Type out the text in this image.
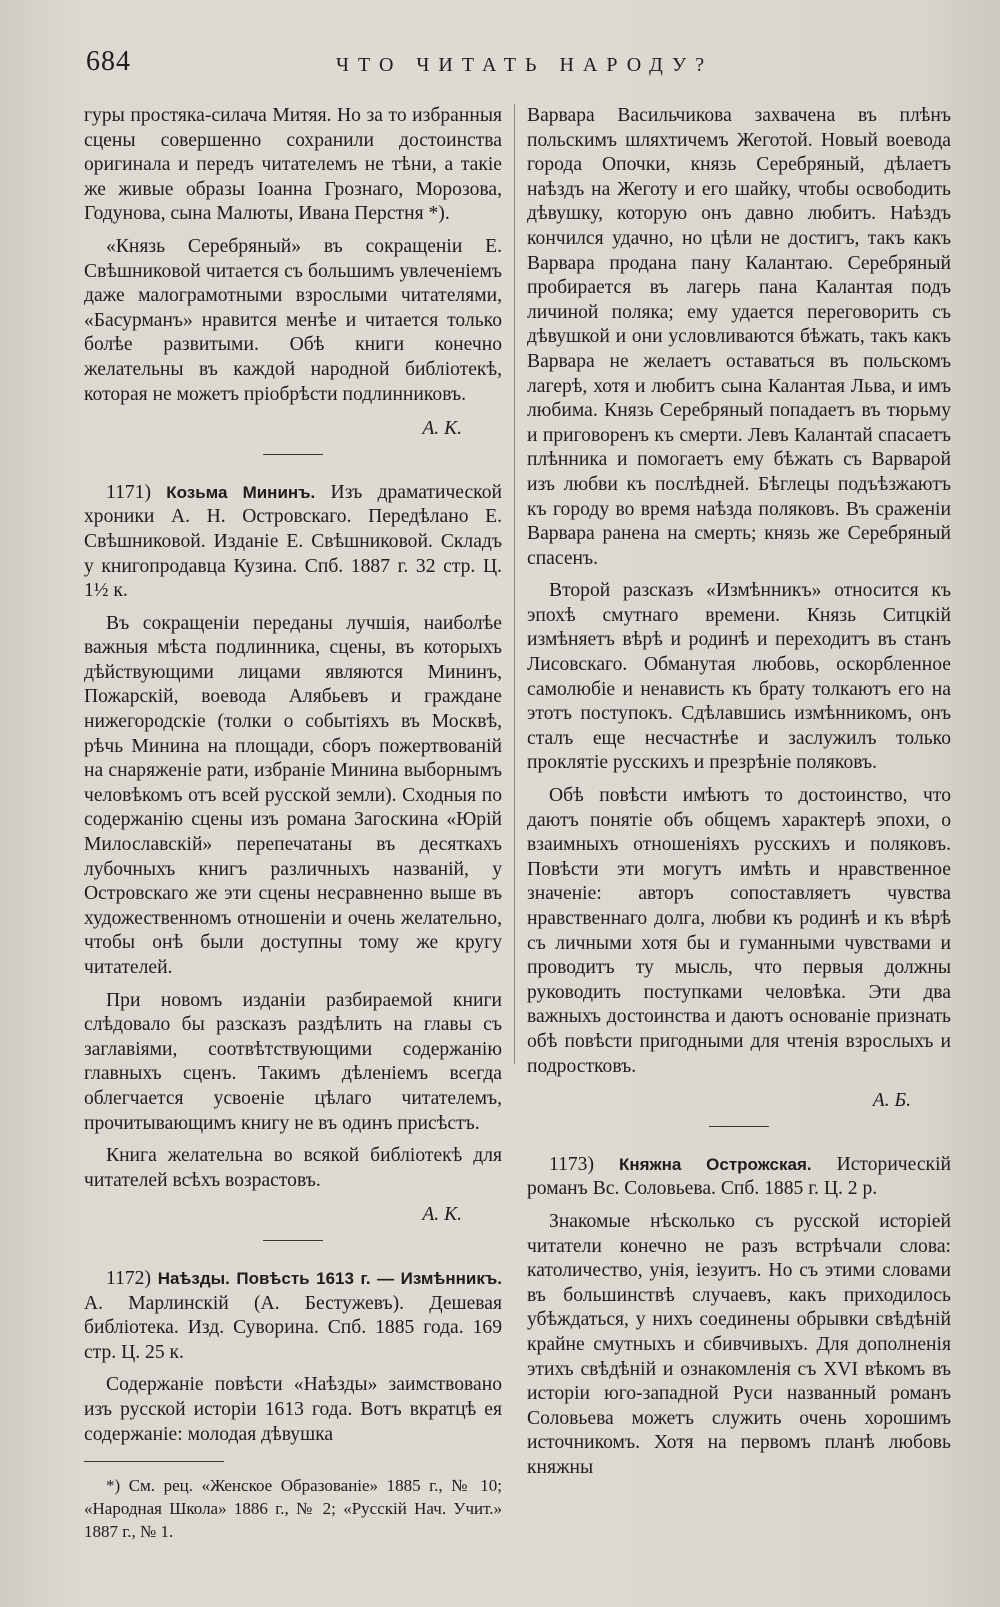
684	ЧТО ЧИТАТЬ НАРОДУ?

гуры простяка-силача Митяя. Но за то избранныя сцены совершенно сохранили достоинства оригинала и передъ читателемъ не тѣни, а такіе же живые образы Іоанна Грознаго, Морозова, Годунова, сына Малюты, Ивана Перстня *).

«Князь Серебряный» въ сокращеніи Е. Свѣшниковой читается съ большимъ увлеченіемъ даже малограмотными взрослыми читателями, «Басурманъ» нравится менѣе и читается только болѣе развитыми. Обѣ книги конечно желательны въ каждой народной библіотекѣ, которая не можетъ пріобрѣсти подлинниковъ.

А. К.

1171) Козьма Мининъ. Изъ драматической хроники А. Н. Островскаго. Передѣлано Е. Свѣшниковой. Изданіе Е. Свѣшниковой. Складъ у книгопродавца Кузина. Спб. 1887 г. 32 стр. Ц. 1½ к.

Въ сокращеніи переданы лучшія, наиболѣе важныя мѣста подлинника, сцены, въ которыхъ дѣйствующими лицами являются Мининъ, Пожарскій, воевода Алябьевъ и граждане нижегородскіе (толки о событіяхъ въ Москвѣ, рѣчь Минина на площади, сборъ пожертвованій на снаряженіе рати, избраніе Минина выборнымъ человѣкомъ отъ всей русской земли). Сходныя по содержанію сцены изъ романа Загоскина «Юрій Милославскій» перепечатаны въ десяткахъ лубочныхъ книгъ различныхъ названій, у Островскаго же эти сцены несравненно выше въ художественномъ отношеніи и очень желательно, чтобы онѣ были доступны тому же кругу читателей.

При новомъ изданіи разбираемой книги слѣдовало бы разсказъ раздѣлить на главы съ заглавіями, соотвѣтствующими содержанію главныхъ сценъ. Такимъ дѣленіемъ всегда облегчается усвоеніе цѣлаго читателемъ, прочитывающимъ книгу не въ одинъ присѣстъ.

Книга желательна во всякой библіотекѣ для читателей всѣхъ возрастовъ.

А. К.

1172) Наѣзды. Повѣсть 1613 г. — Измѣнникъ. А. Марлинскій (А. Бестужевъ). Дешевая библіотека. Изд. Суворина. Спб. 1885 года. 169 стр. Ц. 25 к.

Содержаніе повѣсти «Наѣзды» заимствовано изъ русской исторіи 1613 года. Вотъ вкратцѣ ея содержаніе: молодая дѣвушка

*) См. рец. «Женское Образованіе» 1885 г., № 10; «Народная Школа» 1886 г., № 2; «Русскій Нач. Учит.» 1887 г., № 1.

Варвара Васильчикова захвачена въ плѣнъ польскимъ шляхтичемъ Жеготой. Новый воевода города Опочки, князь Серебряный, дѣлаетъ наѣздъ на Жеготу и его шайку, чтобы освободить дѣвушку, которую онъ давно любитъ. Наѣздъ кончился удачно, но цѣли не достигъ, такъ какъ Варвара продана пану Калантаю. Серебряный пробирается въ лагерь пана Калантая подъ личиной поляка; ему удается переговорить съ дѣвушкой и они условливаются бѣжать, такъ какъ Варвара не желаетъ оставаться въ польскомъ лагерѣ, хотя и любитъ сына Калантая Льва, и имъ любима. Князь Серебряный попадаетъ въ тюрьму и приговоренъ къ смерти. Левъ Калантай спасаетъ плѣнника и помогаетъ ему бѣжать съ Варварой изъ любви къ послѣдней. Бѣглецы подъѣзжаютъ къ городу во время наѣзда поляковъ. Въ сраженіи Варвара ранена на смерть; князь же Серебряный спасенъ.

Второй разсказъ «Измѣнникъ» относится къ эпохѣ смутнаго времени. Князь Ситцкій измѣняетъ вѣрѣ и родинѣ и переходитъ въ станъ Лисовскаго. Обманутая любовь, оскорбленное самолюбіе и ненависть къ брату толкаютъ его на этотъ поступокъ. Сдѣлавшись измѣнникомъ, онъ сталъ еще несчастнѣе и заслужилъ только проклятіе русскихъ и презрѣніе поляковъ.

Обѣ повѣсти имѣютъ то достоинство, что даютъ понятіе объ общемъ характерѣ эпохи, о взаимныхъ отношеніяхъ русскихъ и поляковъ. Повѣсти эти могутъ имѣть и нравственное значеніе: авторъ сопоставляетъ чувства нравственнаго долга, любви къ родинѣ и къ вѣрѣ съ личными хотя бы и гуманными чувствами и проводитъ ту мысль, что первыя должны руководить поступками человѣка. Эти два важныхъ достоинства и даютъ основаніе признать обѣ повѣсти пригодными для чтенія взрослыхъ и подростковъ.

А. Б.

1173) Княжна Острожская. Историческій романъ Вс. Соловьева. Спб. 1885 г. Ц. 2 р.

Знакомые нѣсколько съ русской исторіей читатели конечно не разъ встрѣчали слова: католичество, унія, іезуитъ. Но съ этими словами въ большинствѣ случаевъ, какъ приходилось убѣждаться, у нихъ соединены обрывки свѣдѣній крайне смутныхъ и сбивчивыхъ. Для дополненія этихъ свѣдѣній и ознакомленія съ XVI вѣкомъ въ исторіи юго-западной Руси названный романъ Соловьева можетъ служить очень хорошимъ источникомъ. Хотя на первомъ планѣ любовь княжны
